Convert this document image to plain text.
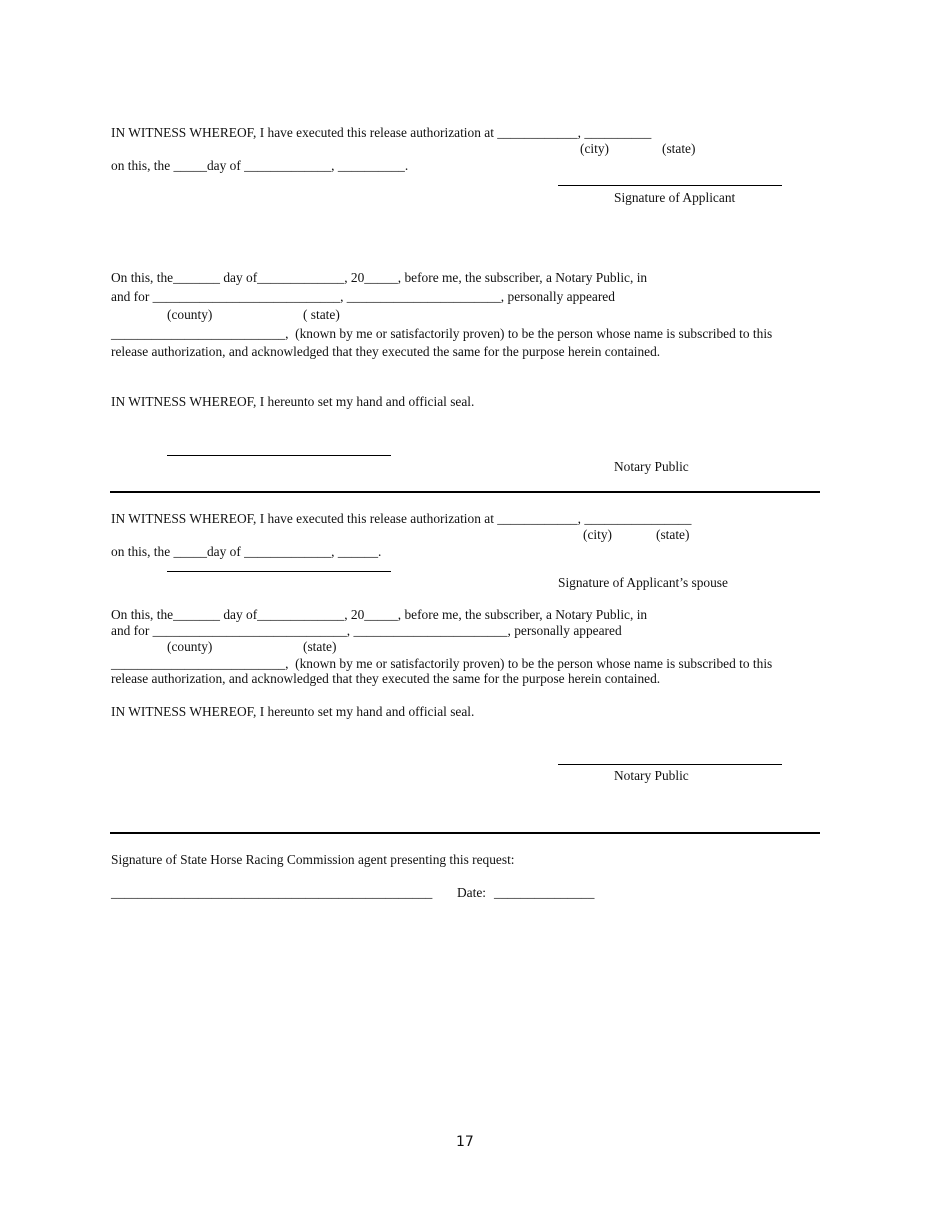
IN WITNESS WHEREOF, I have executed this release authorization at ____________, __________
(city)	(state)
on this, the _____day of _____________, __________.
Signature of Applicant
On this, the_______ day of_____________, 20_____, before me, the subscriber, a Notary Public, in
and for ____________________________, _______________________, personally appeared
(county)	( state)
__________________________,  (known by me or satisfactorily proven) to be the person whose name is subscribed to this
release authorization, and acknowledged that they executed the same for the purpose herein contained.
IN WITNESS WHEREOF, I hereunto set my hand and official seal.
Notary Public
IN WITNESS WHEREOF, I have executed this release authorization at ____________, ________________
(city)	(state)
on this, the _____day of _____________, ______.
Signature of Applicant’s spouse
On this, the_______ day of_____________, 20_____, before me, the subscriber, a Notary Public, in
and for _____________________________, _______________________, personally appeared
(county)	(state)
__________________________,  (known by me or satisfactorily proven) to be the person whose name is subscribed to this
release authorization, and acknowledged that they executed the same for the purpose herein contained.
IN WITNESS WHEREOF, I hereunto set my hand and official seal.
Notary Public
Signature of State Horse Racing Commission agent presenting this request:
________________________________________________ Date: _______________
17
